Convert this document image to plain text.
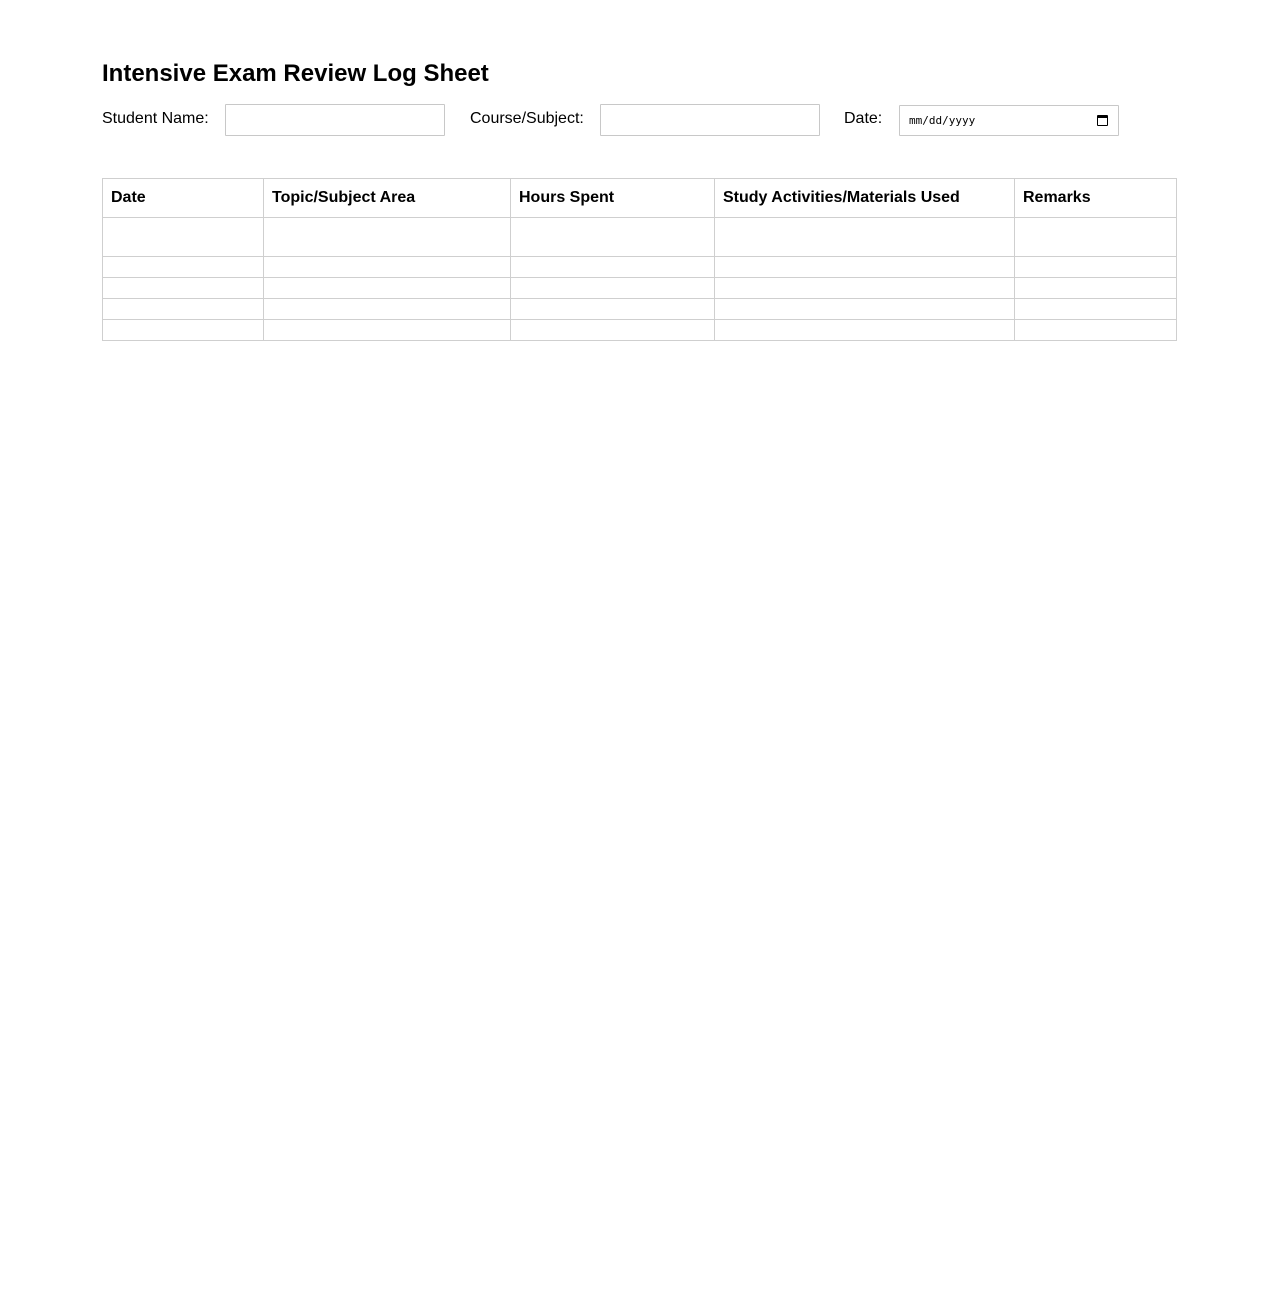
Intensive Exam Review Log Sheet
Student Name:	Course/Subject:	Date: mm/dd/yyyy
Date	Topic/Subject Area	Hours Spent	Study Activities/Materials Used	Remarks
